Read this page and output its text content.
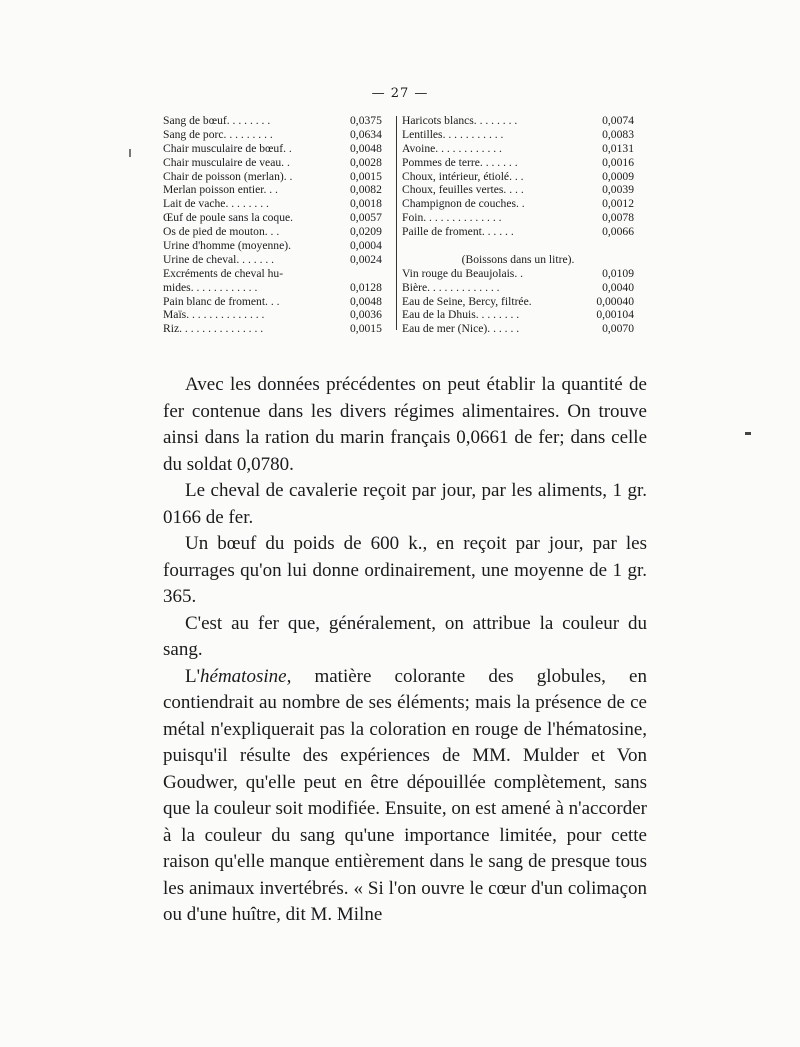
— 27 —
Sang de bœuf. . . . . . . .	0,0375
Sang de porc. . . . . . . . .	0,0634
Chair musculaire de bœuf. .	0,0048
Chair musculaire de veau. .	0,0028
Chair de poisson (merlan). .	0,0015
Merlan poisson entier. . .	0,0082
Lait de vache. . . . . . . .	0,0018
Œuf de poule sans la coque.	0,0057
Os de pied de mouton. . .	0,0209
Urine d'homme (moyenne).	0,0004
Urine de cheval. . . . . . .	0,0024
Excréments de cheval hu-
mides. . . . . . . . . . . .	0,0128
Pain blanc de froment. . .	0,0048
Maïs. . . . . . . . . . . . . .	0,0036
Riz. . . . . . . . . . . . . . .	0,0015
Haricots blancs. . . . . . . .	0,0074
Lentilles. . . . . . . . . . .	0,0083
Avoine. . . . . . . . . . . .	0,0131
Pommes de terre. . . . . . .	0,0016
Choux, intérieur, étiolé. . .	0,0009
Choux, feuilles vertes. . . .	0,0039
Champignon de couches. .	0,0012
Foin. . . . . . . . . . . . . .	0,0078
Paille de froment. . . . . .	0,0066
(Boissons dans un litre).
Vin rouge du Beaujolais. .	0,0109
Bière. . . . . . . . . . . . .	0,0040
Eau de Seine, Bercy, filtrée.	0,00040
Eau de la Dhuis. . . . . . . .	0,00104
Eau de mer (Nice). . . . . .	0,0070

Avec les données précédentes on peut établir la quantité de fer contenue dans les divers régimes alimentaires. On trouve ainsi dans la ration du marin français 0,0661 de fer; dans celle du soldat 0,0780.

Le cheval de cavalerie reçoit par jour, par les aliments, 1 gr. 0166 de fer.

Un bœuf du poids de 600 k., en reçoit par jour, par les fourrages qu'on lui donne ordinairement, une moyenne de 1 gr. 365.

C'est au fer que, généralement, on attribue la couleur du sang.

L'hématosine, matière colorante des globules, en contiendrait au nombre de ses éléments; mais la présence de ce métal n'expliquerait pas la coloration en rouge de l'hématosine, puisqu'il résulte des expériences de MM. Mulder et Von Goudwer, qu'elle peut en être dépouillée complètement, sans que la couleur soit modifiée. Ensuite, on est amené à n'accorder à la couleur du sang qu'une importance limitée, pour cette raison qu'elle manque entièrement dans le sang de presque tous les animaux invertébrés. « Si l'on ouvre le cœur d'un colimaçon ou d'une huître, dit M. Milne
